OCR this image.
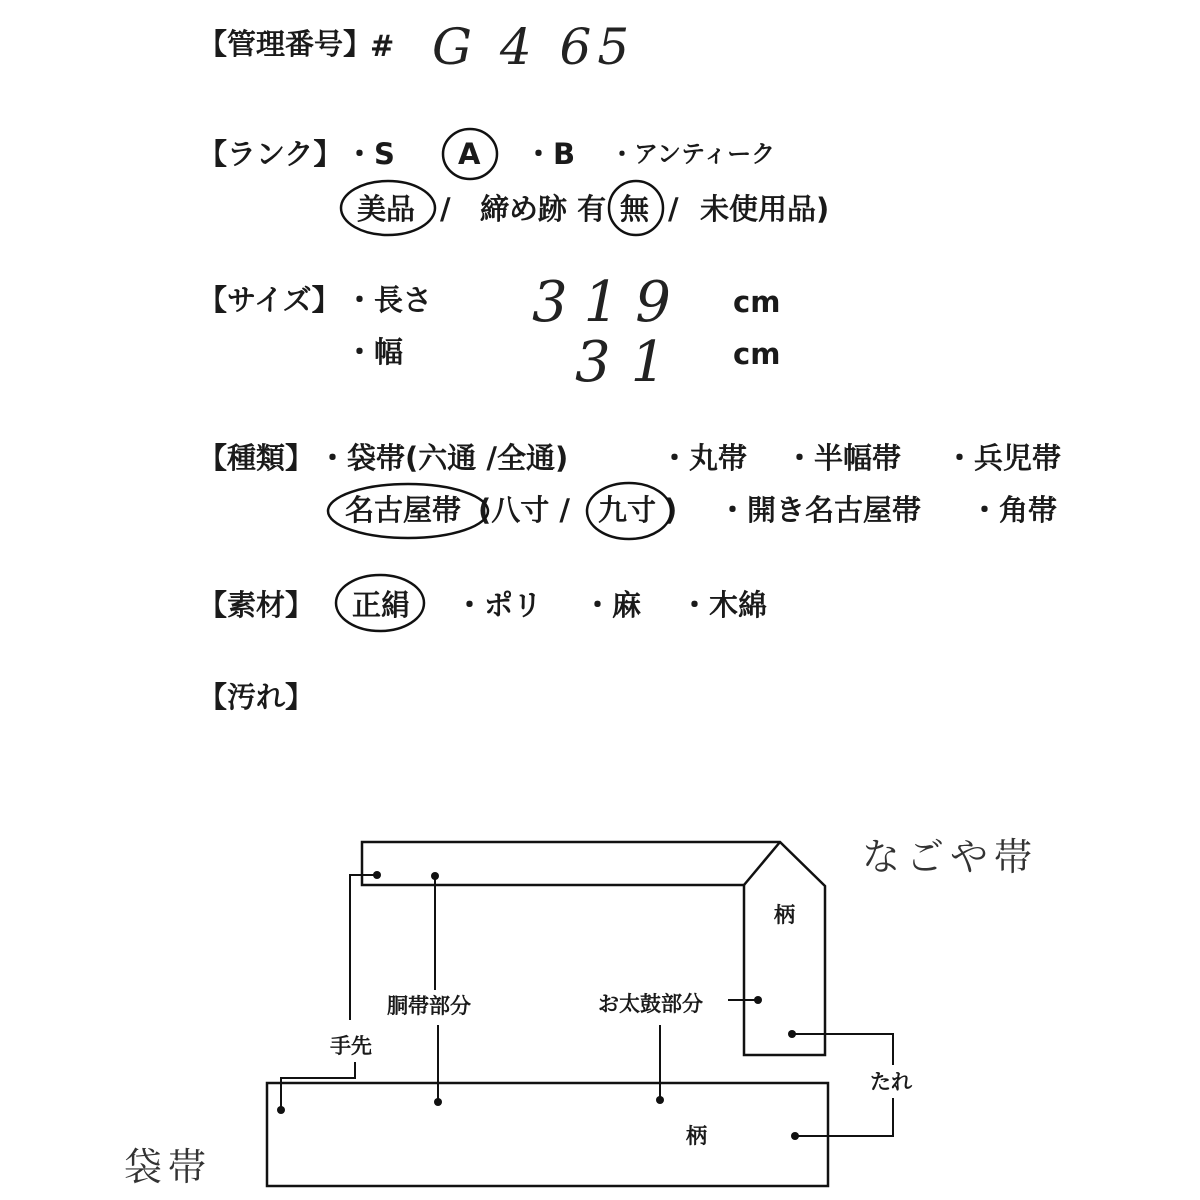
【管理番号】
# G 4 65
【ランク】 ・S A ・B ・アンティーク
美品 / 締め跡 有 無 / 未使用品)
【サイズ】 ・長さ 319 cm
・幅	31 cm
【種類】 ・袋帯(六通 /全通)	・丸帯 ・半幅帯 ・兵児帯
名古屋帯 (八寸 / 九寸 ) ・開き名古屋帯 ・角帯
【素材】 正絹 ・ポリ ・麻 ・木綿
【汚れ】
なごや帯
袋帯
柄
胴帯部分	お太鼓部分
手先
たれ
柄
